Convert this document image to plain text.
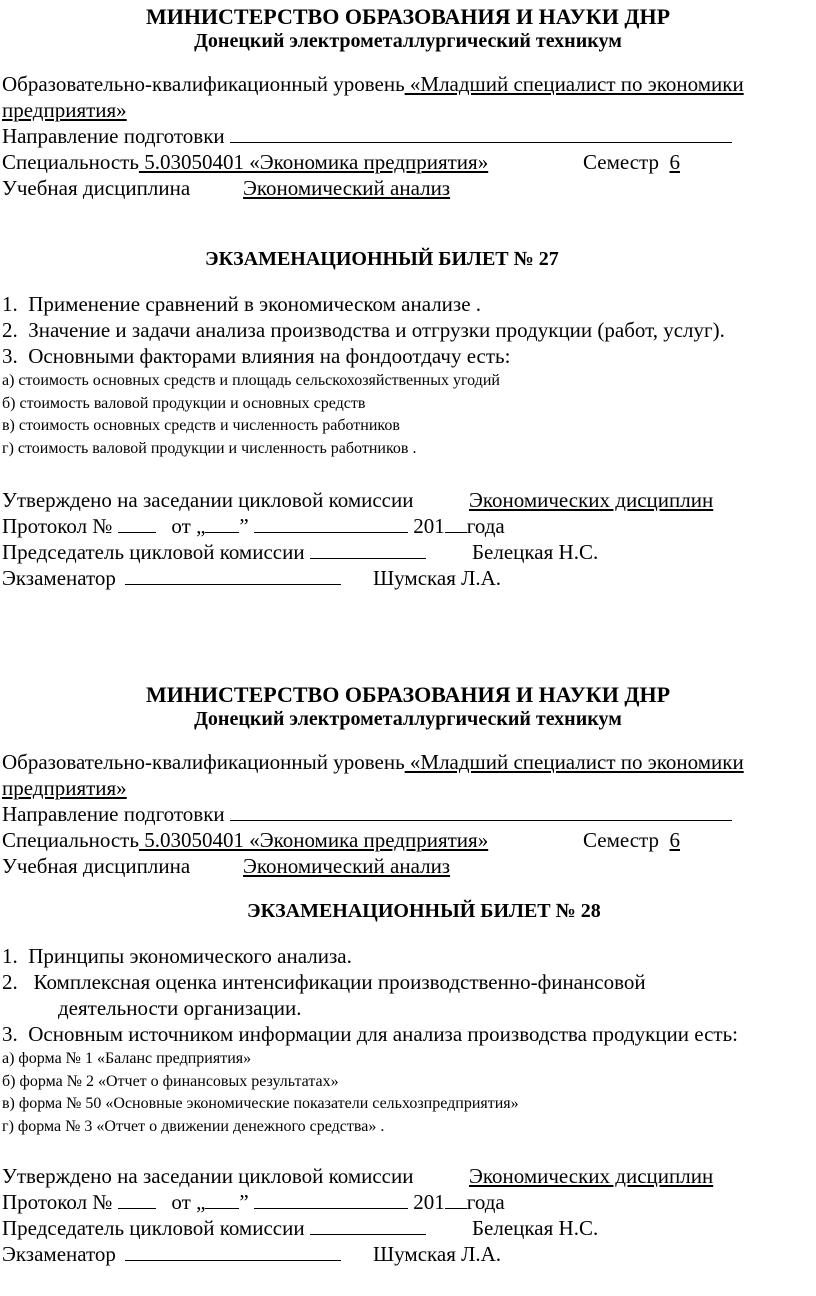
МИНИСТЕРСТВО ОБРАЗОВАНИЯ И НАУКИ ДНР
Донецкий электрометаллургический техникум
Образовательно-квалификационный уровень «Младший специалист по экономики
предприятия»
Направление подготовки
Специальность 5.03050401 «Экономика предприятия»	Семестр 6
Учебная дисциплина	Экономический анализ
ЭКЗАМЕНАЦИОННЫЙ БИЛЕТ № 27
1. Применение сравнений в экономическом анализе .
2. Значение и задачи анализа производства и отгрузки продукции (работ, услуг).
3. Основными факторами влияния на фондоотдачу есть:
а) стоимость основных средств и площадь сельскохозяйственных угодий
б) стоимость валовой продукции и основных средств
в) стоимость основных средств и численность работников
г) стоимость валовой продукции и численность работников .
Утверждено на заседании цикловой комиссии	Экономических дисциплин
Протокол №	от „ ”	201 года
Председатель цикловой комиссии	Белецкая Н.С.
Экзаменатор	Шумская Л.А.
МИНИСТЕРСТВО ОБРАЗОВАНИЯ И НАУКИ ДНР
Донецкий электрометаллургический техникум
Образовательно-квалификационный уровень «Младший специалист по экономики
предприятия»
Направление подготовки
Специальность 5.03050401 «Экономика предприятия»	Семестр 6
Учебная дисциплина	Экономический анализ
ЭКЗАМЕНАЦИОННЫЙ БИЛЕТ № 28
1. Принципы экономического анализа.
2. Комплексная оценка интенсификации производственно-финансовой
деятельности организации.
3. Основным источником информации для анализа производства продукции есть:
а) форма № 1 «Баланс предприятия»
б) форма № 2 «Отчет о финансовых результатах»
в) форма № 50 «Основные экономические показатели сельхозпредприятия»
г) форма № 3 «Отчет о движении денежного средства» .
Утверждено на заседании цикловой комиссии	Экономических дисциплин
Протокол №	от „ ”	201 года
Председатель цикловой комиссии	Белецкая Н.С.
Экзаменатор	Шумская Л.А.
